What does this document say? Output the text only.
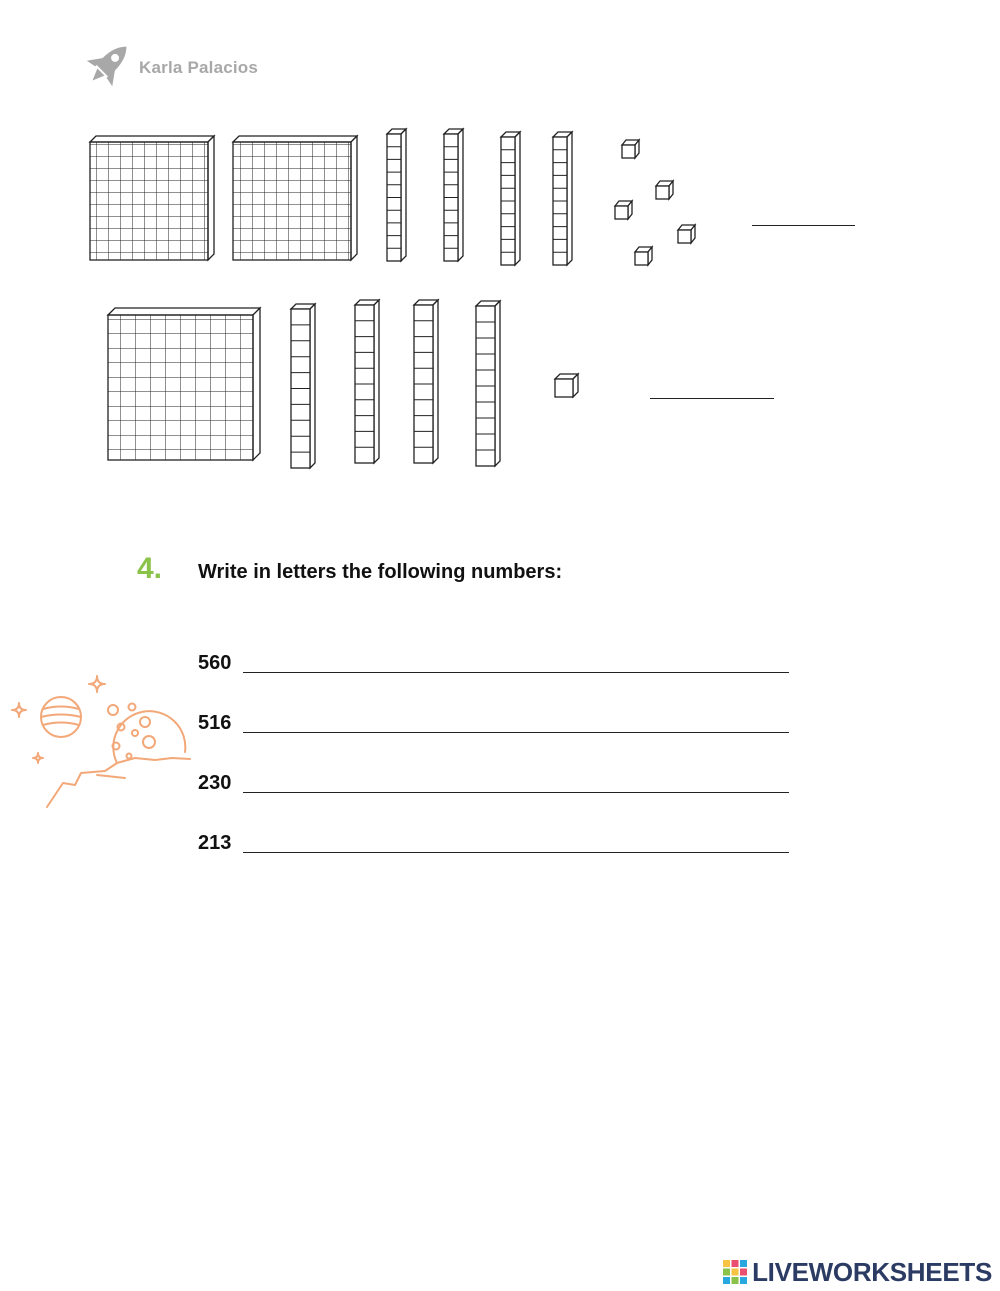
Karla Palacios
4. Write in letters the following numbers:
560
516
230
213
LIVEWORKSHEETS
